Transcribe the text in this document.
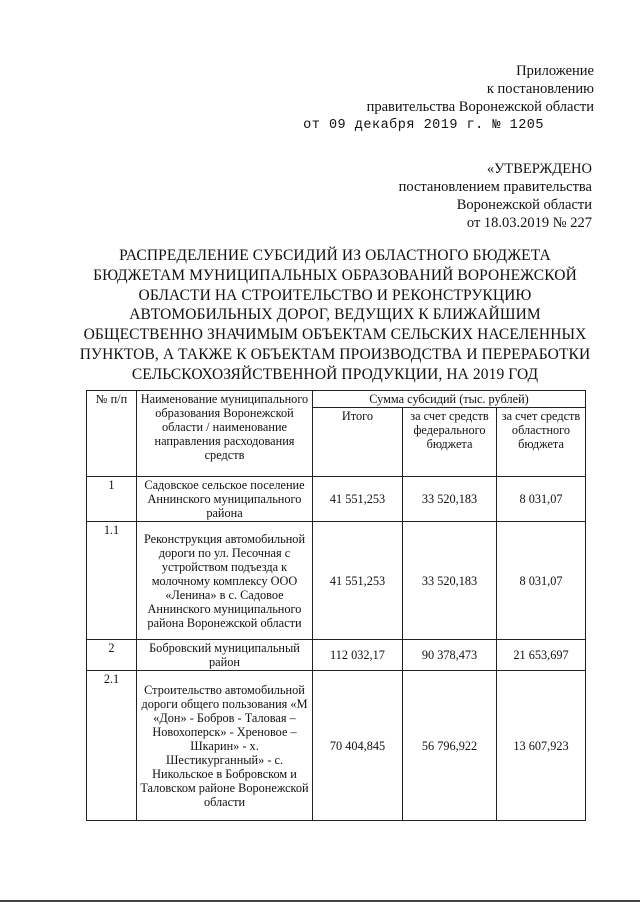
Приложение
к постановлению
правительства Воронежской области
от 09 декабря 2019 г. № 1205
«УТВЕРЖДЕНО
постановлением правительства
Воронежской области
от 18.03.2019 № 227
РАСПРЕДЕЛЕНИЕ СУБСИДИЙ ИЗ ОБЛАСТНОГО БЮДЖЕТА
БЮДЖЕТАМ МУНИЦИПАЛЬНЫХ ОБРАЗОВАНИЙ ВОРОНЕЖСКОЙ
ОБЛАСТИ НА СТРОИТЕЛЬСТВО И РЕКОНСТРУКЦИЮ
АВТОМОБИЛЬНЫХ ДОРОГ, ВЕДУЩИХ К БЛИЖАЙШИМ
ОБЩЕСТВЕННО ЗНАЧИМЫМ ОБЪЕКТАМ СЕЛЬСКИХ НАСЕЛЕННЫХ
ПУНКТОВ, А ТАКЖЕ К ОБЪЕКТАМ ПРОИЗВОДСТВА И ПЕРЕРАБОТКИ
СЕЛЬСКОХОЗЯЙСТВЕННОЙ ПРОДУКЦИИ, НА 2019 ГОД
№ п/п	Наименование муниципального образования Воронежской области / наименование направления расходования средств	Сумма субсидий (тыс. рублей)		
		Итого	за счет средств федерального бюджета	за счет средств областного бюджета
1	Садовское сельское поселение Аннинского муниципального района	41 551,253	33 520,183	8 031,07
1.1	Реконструкция автомобильной дороги по ул. Песочная с устройством подъезда к молочному комплексу ООО «Ленина» в с. Садовое Аннинского муниципального района Воронежской области	41 551,253	33 520,183	8 031,07
2	Бобровский муниципальный район	112 032,17	90 378,473	21 653,697
2.1	Строительство автомобильной дороги общего пользования «М «Дон» - Бобров - Таловая – Новохоперск» - Хреновое – Шкарин» - х. Шестикурганный» - с. Никольское в Бобровском и Таловском районе Воронежской области	70 404,845	56 796,922	13 607,923
